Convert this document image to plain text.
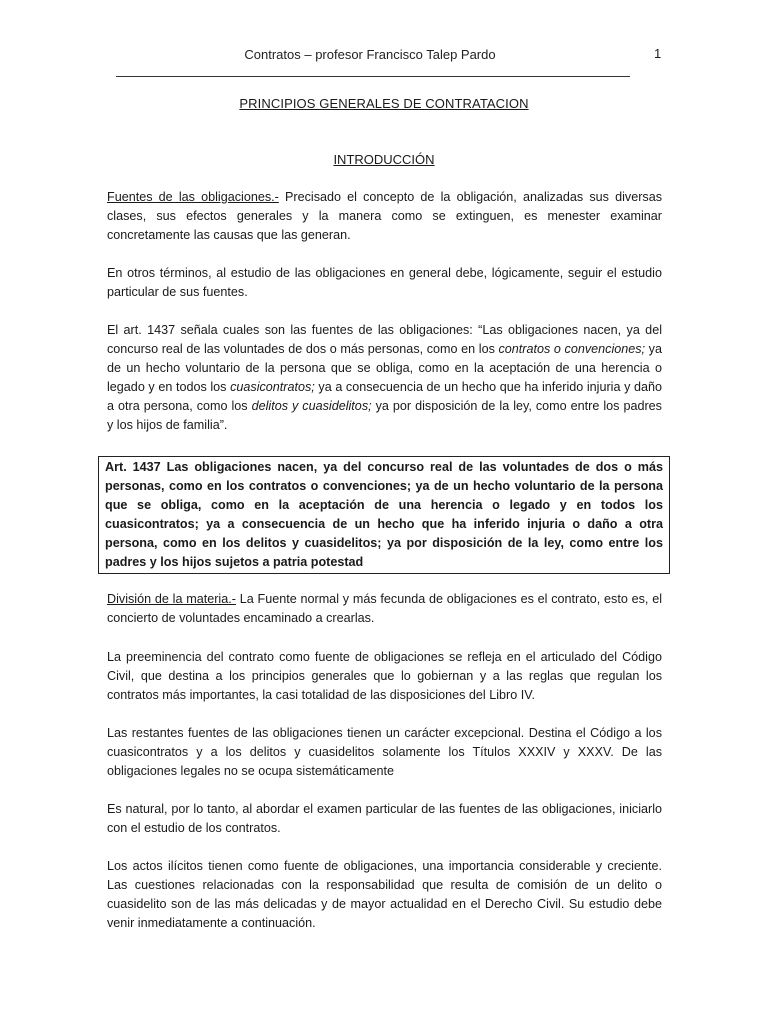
Contratos – profesor Francisco Talep Pardo	1
PRINCIPIOS GENERALES DE CONTRATACION
INTRODUCCIÓN

Fuentes de las obligaciones.- Precisado el concepto de la obligación, analizadas sus diversas clases, sus efectos generales y la manera como se extinguen, es menester examinar concretamente las causas que las generan.

En otros términos, al estudio de las obligaciones en general debe, lógicamente, seguir el estudio particular de sus fuentes.

El art. 1437 señala cuales son las fuentes de las obligaciones: “Las obligaciones nacen, ya del concurso real de las voluntades de dos o más personas, como en los contratos o convenciones; ya de un hecho voluntario de la persona que se obliga, como en la aceptación de una herencia o legado y en todos los cuasicontratos; ya a consecuencia de un hecho que ha inferido injuria y daño a otra persona, como los delitos y cuasidelitos; ya por disposición de la ley, como entre los padres y los hijos de familia”.

Art. 1437 Las obligaciones nacen, ya del concurso real de las voluntades de dos o más personas, como en los contratos o convenciones; ya de un hecho voluntario de la persona que se obliga, como en la aceptación de una herencia o legado y en todos los cuasicontratos; ya a consecuencia de un hecho que ha inferido injuria o daño a otra persona, como en los delitos y cuasidelitos; ya por disposición de la ley, como entre los padres y los hijos sujetos a patria potestad

División de la materia.- La Fuente normal y más fecunda de obligaciones es el contrato, esto es, el concierto de voluntades encaminado a crearlas.

La preeminencia del contrato como fuente de obligaciones se refleja en el articulado del Código Civil, que destina a los principios generales que lo gobiernan y a las reglas que regulan los contratos más importantes, la casi totalidad de las disposiciones del Libro IV.

Las restantes fuentes de las obligaciones tienen un carácter excepcional. Destina el Código a los cuasicontratos y a los delitos y cuasidelitos solamente los Títulos XXXIV y XXXV. De las obligaciones legales no se ocupa sistemáticamente

Es natural, por lo tanto, al abordar el examen particular de las fuentes de las obligaciones, iniciarlo con el estudio de los contratos.

Los actos ilícitos tienen como fuente de obligaciones, una importancia considerable y creciente. Las cuestiones relacionadas con la responsabilidad que resulta de comisión de un delito o cuasidelito son de las más delicadas y de mayor actualidad en el Derecho Civil. Su estudio debe venir inmediatamente a continuación.
